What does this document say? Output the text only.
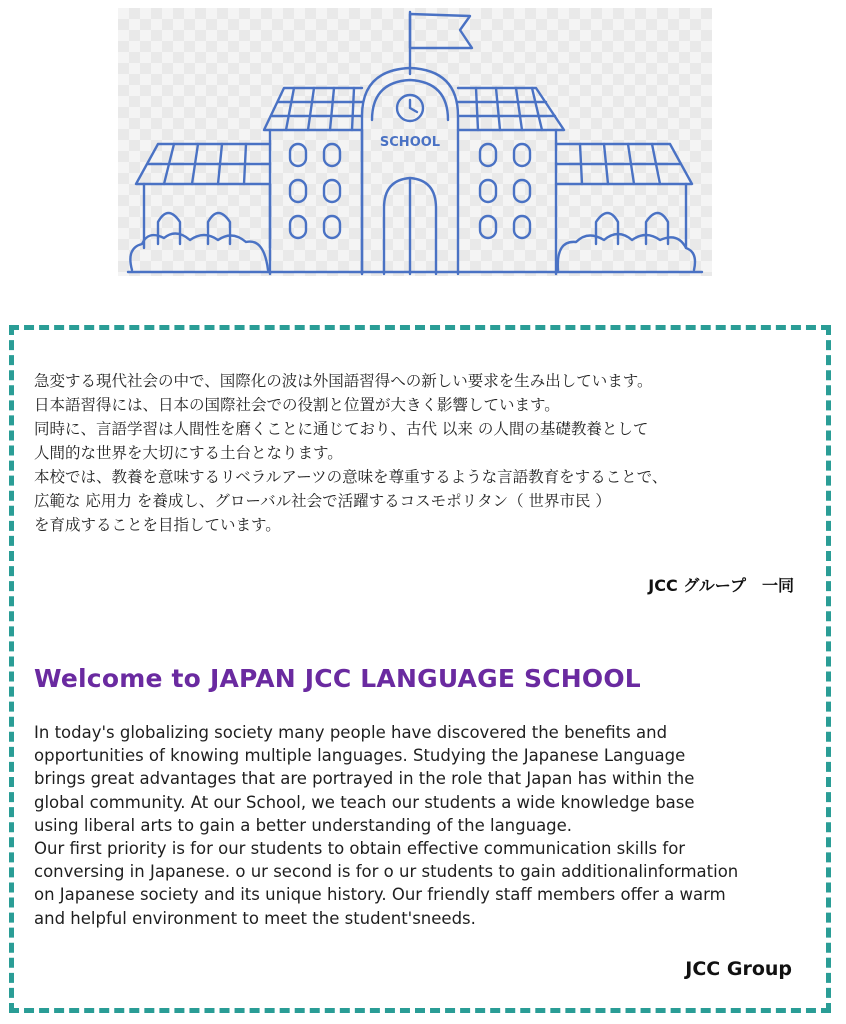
SCHOOL
急変する現代社会の中で、国際化の波は外国語習得への新しい要求を生み出しています。
日本語習得には、日本の国際社会での役割と位置が大きく影響しています。
同時に、言語学習は人間性を磨くことに通じており、古代 以来 の人間の基礎教養として
人間的な世界を大切にする土台となります。
本校では、教養を意味するリベラルアーツの意味を尊重するような言語教育をすることで、
広範な 応用力 を養成し、グローバル社会で活躍するコスモポリタン（ 世界市民 ）
を育成することを目指しています。
JCC グループ　一同
Welcome to JAPAN JCC LANGUAGE SCHOOL
In today's globalizing society many people have discovered the benefits and
opportunities of knowing multiple languages. Studying the Japanese Language
brings great advantages that are portrayed in the role that Japan has within the
global community. At our School, we teach our students a wide knowledge base
using liberal arts to gain a better understanding of the language.
Our first priority is for our students to obtain effective communication skills for
conversing in Japanese. o ur second is for o ur students to gain additionalinformation
on Japanese society and its unique history. Our friendly staff members offer a warm
and helpful environment to meet the student'sneeds.
JCC Group
